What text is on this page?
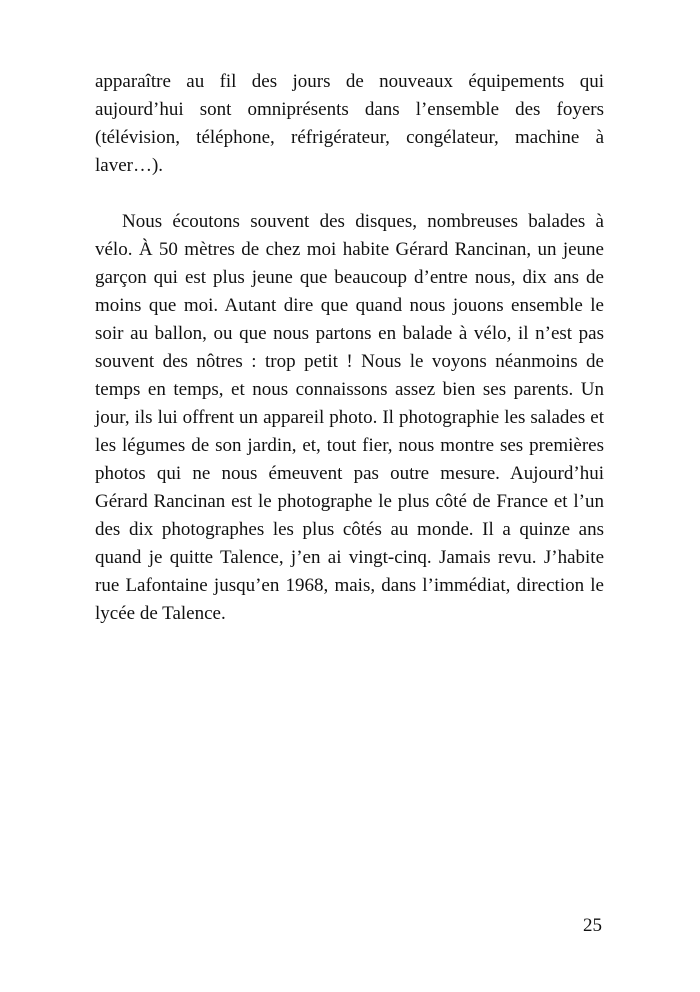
apparaître au fil des jours de nouveaux équipements qui aujourd’hui sont omniprésents dans l’ensemble des foyers (télévision, téléphone, réfrigérateur, congélateur, machine à laver…).

Nous écoutons souvent des disques, nombreuses balades à vélo. À 50 mètres de chez moi habite Gérard Rancinan, un jeune garçon qui est plus jeune que beaucoup d’entre nous, dix ans de moins que moi. Autant dire que quand nous jouons ensemble le soir au ballon, ou que nous partons en balade à vélo, il n’est pas souvent des nôtres : trop petit ! Nous le voyons néanmoins de temps en temps, et nous connaissons assez bien ses parents. Un jour, ils lui offrent un appareil photo. Il photographie les salades et les légumes de son jardin, et, tout fier, nous montre ses premières photos qui ne nous émeuvent pas outre mesure. Aujourd’hui Gérard Rancinan est le photographe le plus côté de France et l’un des dix photographes les plus côtés au monde. Il a quinze ans quand je quitte Talence, j’en ai vingt-cinq. Jamais revu. J’habite rue Lafontaine jusqu’en 1968, mais, dans l’immédiat, direction le lycée de Talence.

25
